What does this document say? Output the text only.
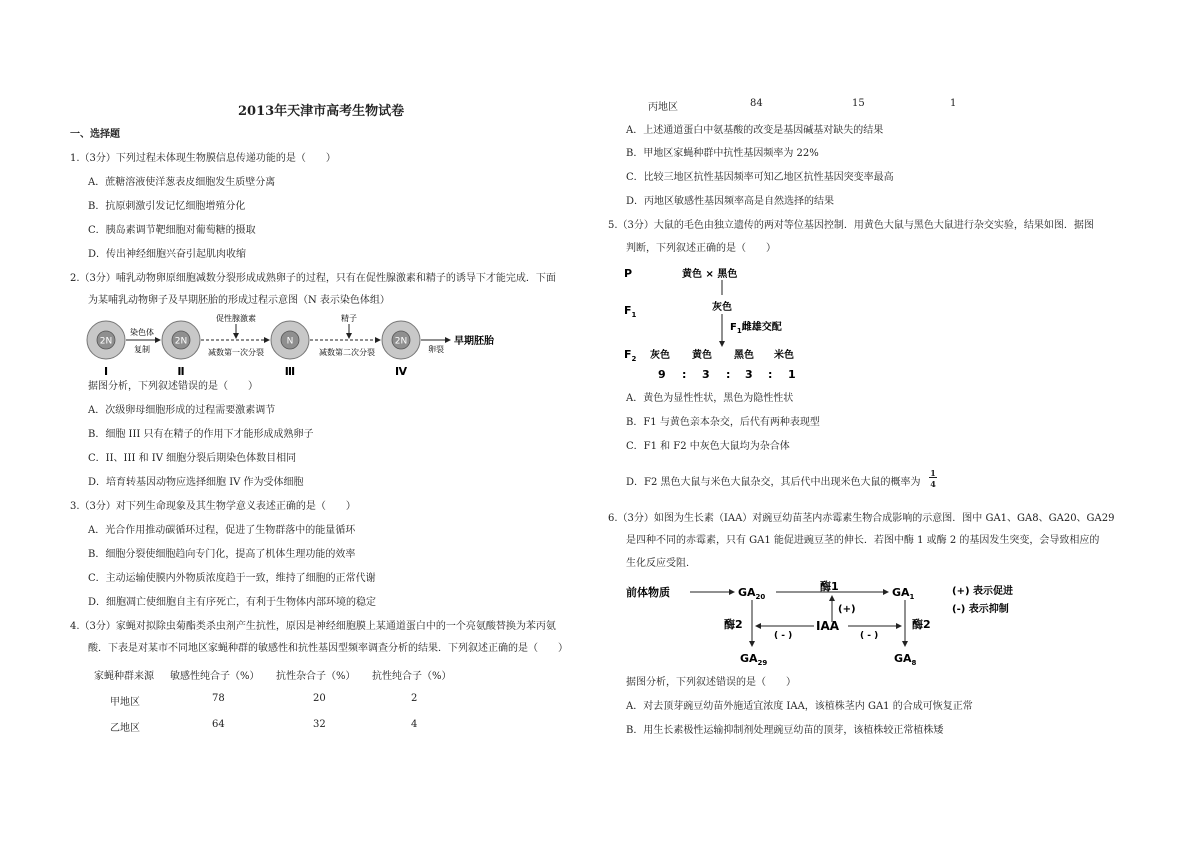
2013年天津市高考生物试卷
一、选择题
1.（3分）下列过程未体现生物膜信息传递功能的是（　　）
A．蔗糖溶液使洋葱表皮细胞发生质壁分离
B．抗原刺激引发记忆细胞增殖分化
C．胰岛素调节靶细胞对葡萄糖的摄取
D．传出神经细胞兴奋引起肌肉收缩
2.（3分）哺乳动物卵原细胞减数分裂形成成熟卵子的过程，只有在促性腺激素和精子的诱导下才能完成．下面
为某哺乳动物卵子及早期胚胎的形成过程示意图（N 表示染色体组）
2N	2N	N	2N
Ⅰ	Ⅱ	Ⅲ	Ⅳ
染色体
复制
促性腺激素
减数第一次分裂
精子
减数第二次分裂	卵裂
早期胚胎
据图分析，下列叙述错误的是（　　）
A．次级卵母细胞形成的过程需要激素调节
B．细胞 III 只有在精子的作用下才能形成成熟卵子
C．II、III 和 IV 细胞分裂后期染色体数目相同
D．培育转基因动物应选择细胞 IV 作为受体细胞
3.（3分）对下列生命现象及其生物学意义表述正确的是（　　）
A．光合作用推动碳循环过程，促进了生物群落中的能量循环
B．细胞分裂使细胞趋向专门化，提高了机体生理功能的效率
C．主动运输使膜内外物质浓度趋于一致，维持了细胞的正常代谢
D．细胞凋亡使细胞自主有序死亡，有利于生物体内部环境的稳定
4.（3分）家蝇对拟除虫菊酯类杀虫剂产生抗性，原因是神经细胞膜上某通道蛋白中的一个亮氨酸替换为苯丙氨
酸．下表是对某市不同地区家蝇种群的敏感性和抗性基因型频率调查分析的结果．下列叙述正确的是（　　）
家蝇种群来源 敏感性纯合子（%） 抗性杂合子（%） 抗性纯合子（%）
甲地区	78	20	2
乙地区	64	32	4
丙地区	84	15	1
A．上述通道蛋白中氨基酸的改变是基因碱基对缺失的结果
B．甲地区家蝇种群中抗性基因频率为 22%
C．比较三地区抗性基因频率可知乙地区抗性基因突变率最高
D．丙地区敏感性基因频率高是自然选择的结果
5.（3分）大鼠的毛色由独立遗传的两对等位基因控制．用黄色大鼠与黑色大鼠进行杂交实验，结果如图．据图
判断，下列叙述正确的是（　　）
P	黄色 × 黑色
$F_1$
灰色
$F_1$雌雄交配
$F_2$ 灰色 黄色 黑色 米色
9 : 3 : 3 : 1
A．黄色为显性性状，黑色为隐性性状
B．F1 与黄色亲本杂交，后代有两种表现型
C．F1 和 F2 中灰色大鼠均为杂合体
D．F2 黑色大鼠与米色大鼠杂交，其后代中出现米色大鼠的概率为
1
4
6.（3分）如图为生长素（IAA）对豌豆幼苗茎内赤霉素生物合成影响的示意图．图中 GA1、GA8、GA20、GA29
是四种不同的赤霉素，只有 GA1 能促进豌豆茎的伸长．若图中酶 1 或酶 2 的基因发生突变，会导致相应的
生化反应受阻．
前体物质	$GA_{20}$
酶1	$GA_1$
(+)
酶2	酶2
IAA
( - )	( - )
$GA_{29}$	$GA_8$
(+) 表示促进
(-) 表示抑制
据图分析，下列叙述错误的是（　　）
A．对去顶芽豌豆幼苗外施适宜浓度 IAA，该植株茎内 GA1 的合成可恢复正常
B．用生长素极性运输抑制剂处理豌豆幼苗的顶芽，该植株较正常植株矮
